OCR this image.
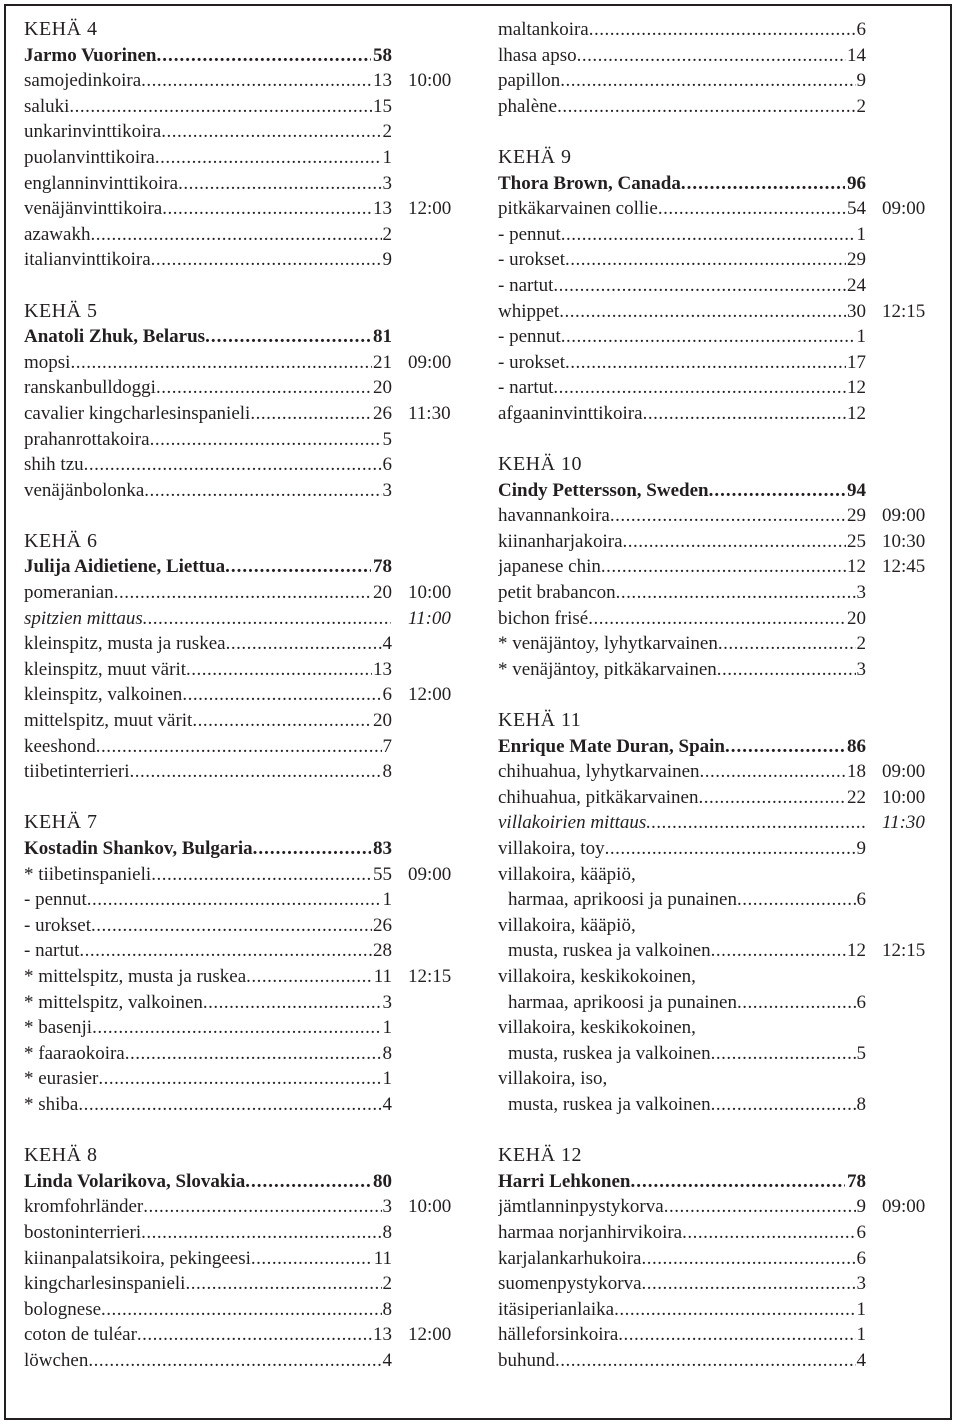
KEHÄ 4
Jarmo Vuorinen .....	58
samojedinkoira .....	13 10:00
saluki .....	15
unkarinvinttikoira .....	2
puolanvinttikoira .....	1
englanninvinttikoira .....	3
venäjänvinttikoira .....	13 12:00
azawakh .....	2
italianvinttikoira .....	9
KEHÄ 5
Anatoli Zhuk, Belarus .....	81
mopsi .....	21 09:00
ranskanbulldoggi .....	20
cavalier kingcharlesinspanieli .....	26 11:30
prahanrottakoira .....	5
shih tzu .....	6
venäjänbolonka .....	3
KEHÄ 6
Julija Aidietiene, Liettua .....	78
pomeranian .....	20 10:00
spitzien mittaus .....	11:00
kleinspitz, musta ja ruskea .....	4
kleinspitz, muut värit .....	13
kleinspitz, valkoinen .....	6 12:00
mittelspitz, muut värit .....	20
keeshond .....	7
tiibetinterrieri .....	8
KEHÄ 7
Kostadin Shankov, Bulgaria .....	83
* tiibetinspanieli .....	55 09:00
- pennut .....	1
- urokset .....	26
- nartut .....	28
* mittelspitz, musta ja ruskea .....	11 12:15
* mittelspitz, valkoinen .....	3
* basenji .....	1
* faaraokoira .....	8
* eurasier .....	1
* shiba .....	4
KEHÄ 8
Linda Volarikova, Slovakia .....	80
kromfohrländer .....	3 10:00
bostoninterrieri .....	8
kiinanpalatsikoira, pekingeesi .....	11
kingcharlesinspanieli .....	2
bolognese .....	8
coton de tuléar .....	13 12:00
löwchen .....	4
maltankoira .....	6
lhasa apso .....	14
papillon .....	9
phalène .....	2
KEHÄ 9
Thora Brown, Canada .....	96
pitkäkarvainen collie .....	54 09:00
- pennut .....	1
- urokset .....	29
- nartut .....	24
whippet .....	30 12:15
- pennut .....	1
- urokset .....	17
- nartut .....	12
afgaaninvinttikoira .....	12
KEHÄ 10
Cindy Pettersson, Sweden .....	94
havannankoira .....	29 09:00
kiinanharjakoira .....	25 10:30
japanese chin .....	12 12:45
petit brabancon .....	3
bichon frisé .....	20
* venäjäntoy, lyhytkarvainen .....	2
* venäjäntoy, pitkäkarvainen .....	3
KEHÄ 11
Enrique Mate Duran, Spain .....	86
chihuahua, lyhytkarvainen .....	18 09:00
chihuahua, pitkäkarvainen .....	22 10:00
villakoirien mittaus .....	11:30
villakoira, toy .....	9
villakoira, kääpiö,
harmaa, aprikoosi ja punainen .....	6
villakoira, kääpiö,
musta, ruskea ja valkoinen .....	12 12:15
villakoira, keskikokoinen,
harmaa, aprikoosi ja punainen .....	6
villakoira, keskikokoinen,
musta, ruskea ja valkoinen .....	5
villakoira, iso,
musta, ruskea ja valkoinen .....	8
KEHÄ 12
Harri Lehkonen .....	78
jämtlanninpystykorva .....	9 09:00
harmaa norjanhirvikoira .....	6
karjalankarhukoira .....	6
suomenpystykorva .....	3
itäsiperianlaika .....	1
hälleforsinkoira .....	1
buhund .....	4
